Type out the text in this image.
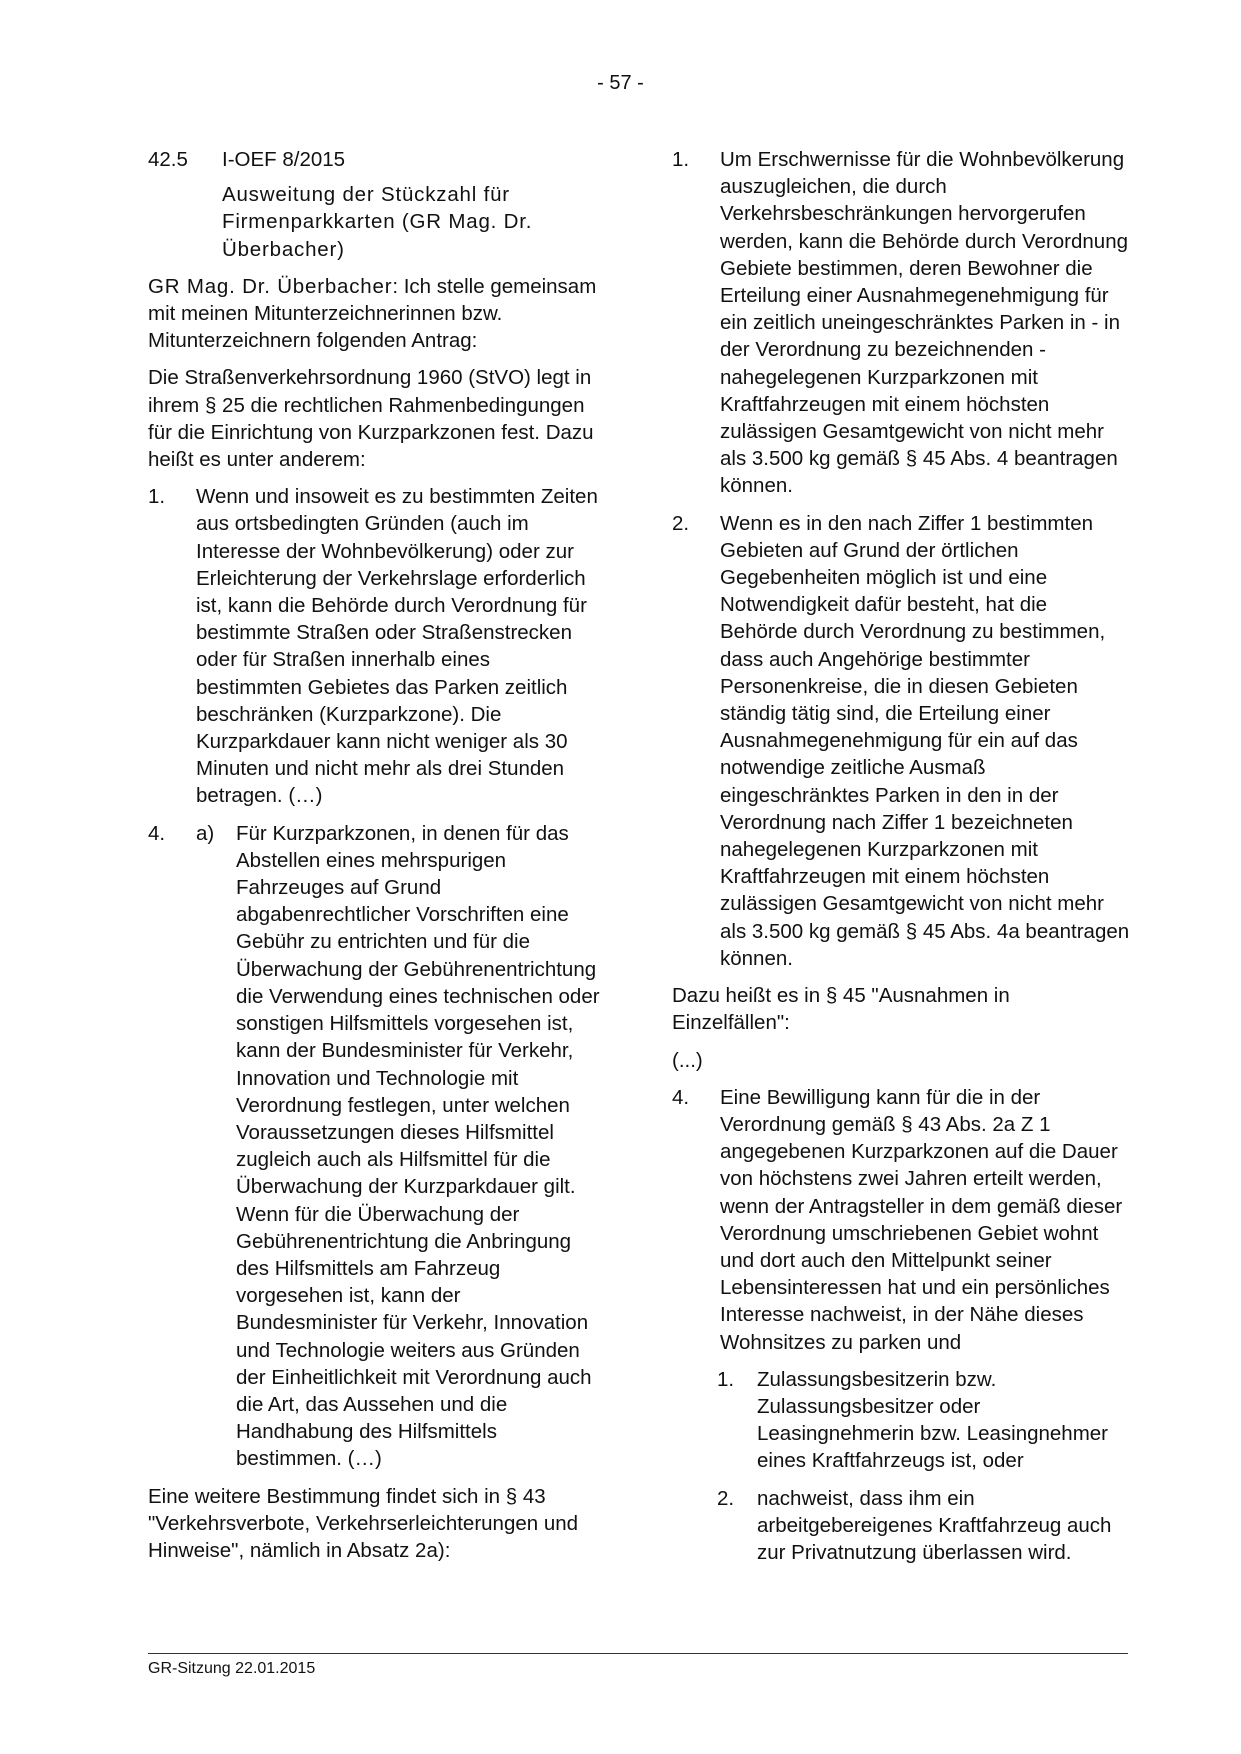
- 57 -
42.5	I-OEF 8/2015
Ausweitung der Stückzahl für Firmenparkkarten (GR Mag. Dr. Überbacher)

GR Mag. Dr. Überbacher: Ich stelle gemeinsam mit meinen Mitunterzeichnerinnen bzw. Mitunterzeichnern folgenden Antrag:

Die Straßenverkehrsordnung 1960 (StVO) legt in ihrem § 25 die rechtlichen Rahmenbedingungen für die Einrichtung von Kurzparkzonen fest. Dazu heißt es unter anderem:

1.	Wenn und insoweit es zu bestimmten Zeiten aus ortsbedingten Gründen (auch im Interesse der Wohnbevölkerung) oder zur Erleichterung der Verkehrslage erforderlich ist, kann die Behörde durch Verordnung für bestimmte Straßen oder Straßenstrecken oder für Straßen innerhalb eines bestimmten Gebietes das Parken zeitlich beschränken (Kurzparkzone). Die Kurzparkdauer kann nicht weniger als 30 Minuten und nicht mehr als drei Stunden betragen. (…)
4.	a)	Für Kurzparkzonen, in denen für das Abstellen eines mehrspurigen Fahrzeuges auf Grund abgabenrechtlicher Vorschriften eine Gebühr zu entrichten und für die Überwachung der Gebührenentrichtung die Verwendung eines technischen oder sonstigen Hilfsmittels vorgesehen ist, kann der Bundesminister für Verkehr, Innovation und Technologie mit Verordnung festlegen, unter welchen Voraussetzungen dieses Hilfsmittel zugleich auch als Hilfsmittel für die Überwachung der Kurzparkdauer gilt. Wenn für die Überwachung der Gebührenentrichtung die Anbringung des Hilfsmittels am Fahrzeug vorgesehen ist, kann der Bundesminister für Verkehr, Innovation und Technologie weiters aus Gründen der Einheitlichkeit mit Verordnung auch die Art, das Aussehen und die Handhabung des Hilfsmittels bestimmen. (…)

Eine weitere Bestimmung findet sich in § 43 "Verkehrsverbote, Verkehrserleichterungen und Hinweise", nämlich in Absatz 2a):

1.	Um Erschwernisse für die Wohnbevölkerung auszugleichen, die durch Verkehrsbeschränkungen hervorgerufen werden, kann die Behörde durch Verordnung Gebiete bestimmen, deren Bewohner die Erteilung einer Ausnahmegenehmigung für ein zeitlich uneingeschränktes Parken in - in der Verordnung zu bezeichnenden - nahegelegenen Kurzparkzonen mit Kraftfahrzeugen mit einem höchsten zulässigen Gesamtgewicht von nicht mehr als 3.500 kg gemäß § 45 Abs. 4 beantragen können.
2.	Wenn es in den nach Ziffer 1 bestimmten Gebieten auf Grund der örtlichen Gegebenheiten möglich ist und eine Notwendigkeit dafür besteht, hat die Behörde durch Verordnung zu bestimmen, dass auch Angehörige bestimmter Personenkreise, die in diesen Gebieten ständig tätig sind, die Erteilung einer Ausnahmegenehmigung für ein auf das notwendige zeitliche Ausmaß eingeschränktes Parken in den in der Verordnung nach Ziffer 1 bezeichneten nahegelegenen Kurzparkzonen mit Kraftfahrzeugen mit einem höchsten zulässigen Gesamtgewicht von nicht mehr als 3.500 kg gemäß § 45 Abs. 4a beantragen können.

Dazu heißt es in § 45 "Ausnahmen in Einzelfällen":

(...)

4.	Eine Bewilligung kann für die in der Verordnung gemäß § 43 Abs. 2a Z 1 angegebenen Kurzparkzonen auf die Dauer von höchstens zwei Jahren erteilt werden, wenn der Antragsteller in dem gemäß dieser Verordnung umschriebenen Gebiet wohnt und dort auch den Mittelpunkt seiner Lebensinteressen hat und ein persönliches Interesse nachweist, in der Nähe dieses Wohnsitzes zu parken und
1.	Zulassungsbesitzerin bzw. Zulassungsbesitzer oder Leasingnehmerin bzw. Leasingnehmer eines Kraftfahrzeugs ist, oder
2.	nachweist, dass ihm ein arbeitgebereigenes Kraftfahrzeug auch zur Privatnutzung überlassen wird.
GR-Sitzung 22.01.2015
